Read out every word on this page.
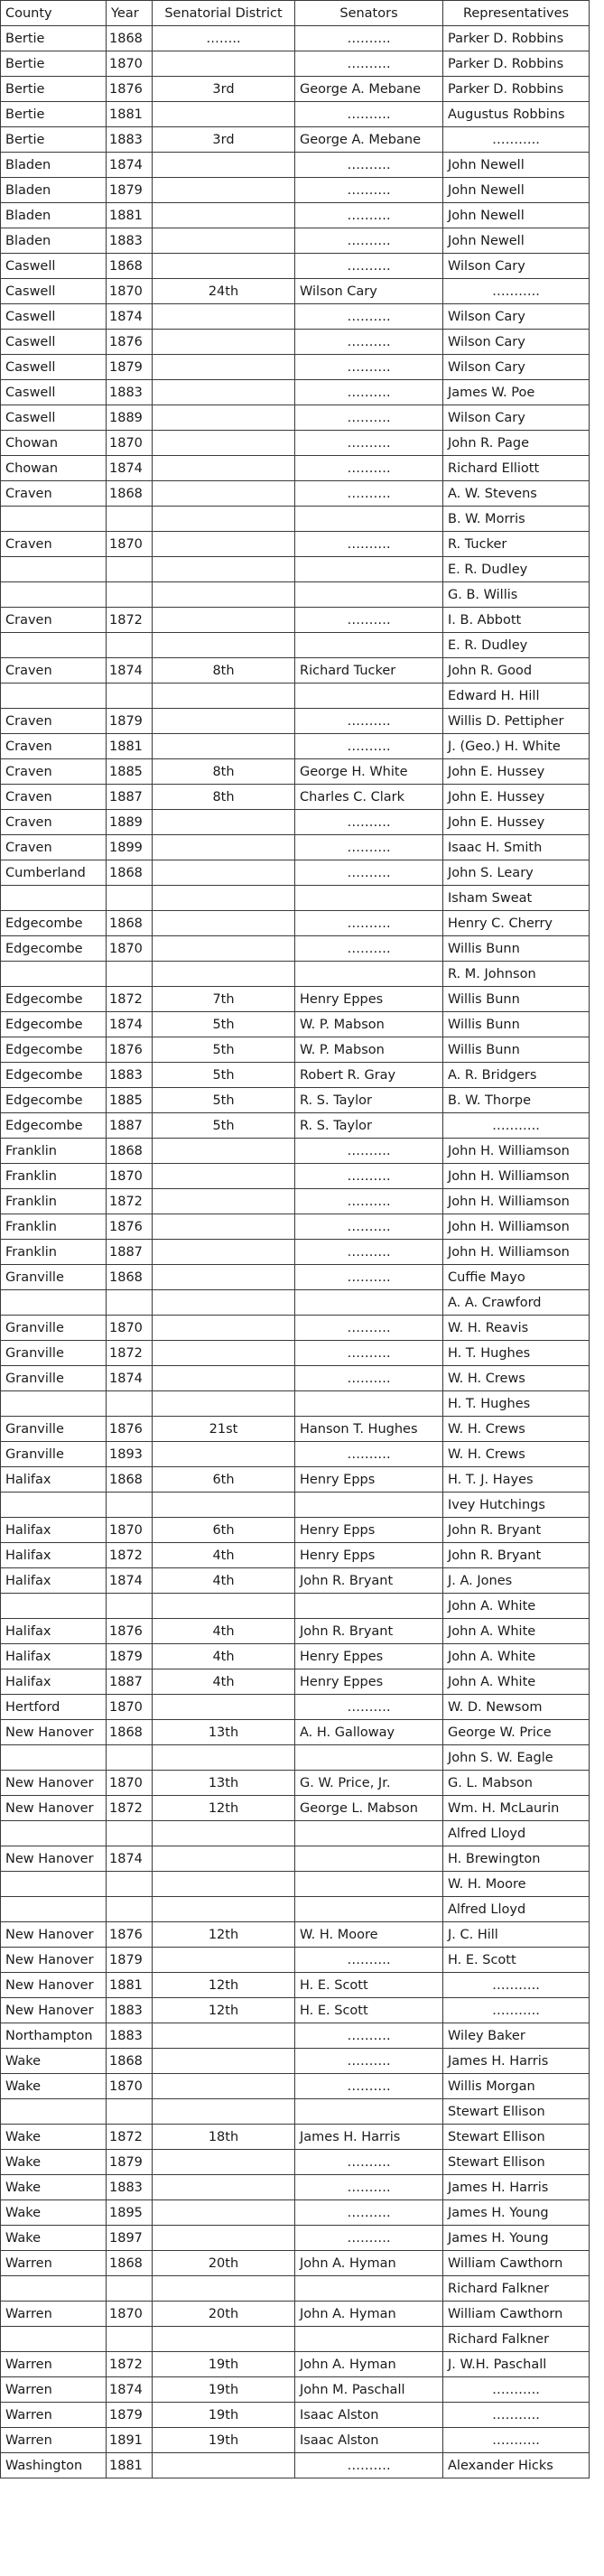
County	Year	Senatorial District	Senators	Representatives
Bertie	1868	……..	……….	Parker D. Robbins
Bertie	1870		……….	Parker D. Robbins
Bertie	1876	3rd	George A. Mebane	Parker D. Robbins
Bertie	1881		……….	Augustus Robbins
Bertie	1883	3rd	George A. Mebane	………..
Bladen	1874		……….	John Newell
Bladen	1879		……….	John Newell
Bladen	1881		……….	John Newell
Bladen	1883		……….	John Newell
Caswell	1868		……….	Wilson Cary
Caswell	1870	24th	Wilson Cary	………..
Caswell	1874		……….	Wilson Cary
Caswell	1876		……….	Wilson Cary
Caswell	1879		……….	Wilson Cary
Caswell	1883		……….	James W. Poe
Caswell	1889		……….	Wilson Cary
Chowan	1870		……….	John R. Page
Chowan	1874		……….	Richard Elliott
Craven	1868		……….	A. W. Stevens
				B. W. Morris
Craven	1870		……….	R. Tucker
				E. R. Dudley
				G. B. Willis
Craven	1872		……….	I. B. Abbott
				E. R. Dudley
Craven	1874	8th	Richard Tucker	John R. Good
				Edward H. Hill
Craven	1879		……….	Willis D. Pettipher
Craven	1881		……….	J. (Geo.) H. White
Craven	1885	8th	George H. White	John E. Hussey
Craven	1887	8th	Charles C. Clark	John E. Hussey
Craven	1889		……….	John E. Hussey
Craven	1899		……….	Isaac H. Smith
Cumberland	1868		……….	John S. Leary
				Isham Sweat
Edgecombe	1868		……….	Henry C. Cherry
Edgecombe	1870		……….	Willis Bunn
				R. M. Johnson
Edgecombe	1872	7th	Henry Eppes	Willis Bunn
Edgecombe	1874	5th	W. P. Mabson	Willis Bunn
Edgecombe	1876	5th	W. P. Mabson	Willis Bunn
Edgecombe	1883	5th	Robert R. Gray	A. R. Bridgers
Edgecombe	1885	5th	R. S. Taylor	B. W. Thorpe
Edgecombe	1887	5th	R. S. Taylor	………..
Franklin	1868		……….	John H. Williamson
Franklin	1870		……….	John H. Williamson
Franklin	1872		……….	John H. Williamson
Franklin	1876		……….	John H. Williamson
Franklin	1887		……….	John H. Williamson
Granville	1868		……….	Cuffie Mayo
				A. A. Crawford
Granville	1870		……….	W. H. Reavis
Granville	1872		……….	H. T. Hughes
Granville	1874		……….	W. H. Crews
				H. T. Hughes
Granville	1876	21st	Hanson T. Hughes	W. H. Crews
Granville	1893		……….	W. H. Crews
Halifax	1868	6th	Henry Epps	H. T. J. Hayes
				Ivey Hutchings
Halifax	1870	6th	Henry Epps	John R. Bryant
Halifax	1872	4th	Henry Epps	John R. Bryant
Halifax	1874	4th	John R. Bryant	J. A. Jones
				John A. White
Halifax	1876	4th	John R. Bryant	John A. White
Halifax	1879	4th	Henry Eppes	John A. White
Halifax	1887	4th	Henry Eppes	John A. White
Hertford	1870		……….	W. D. Newsom
New Hanover	1868	13th	A. H. Galloway	George W. Price
				John S. W. Eagle
New Hanover	1870	13th	G. W. Price, Jr.	G. L. Mabson
New Hanover	1872	12th	George L. Mabson	Wm. H. McLaurin
				Alfred Lloyd
New Hanover	1874			H. Brewington
				W. H. Moore
				Alfred Lloyd
New Hanover	1876	12th	W. H. Moore	J. C. Hill
New Hanover	1879		……….	H. E. Scott
New Hanover	1881	12th	H. E. Scott	………..
New Hanover	1883	12th	H. E. Scott	………..
Northampton	1883		……….	Wiley Baker
Wake	1868		……….	James H. Harris
Wake	1870		……….	Willis Morgan
				Stewart Ellison
Wake	1872	18th	James H. Harris	Stewart Ellison
Wake	1879		……….	Stewart Ellison
Wake	1883		……….	James H. Harris
Wake	1895		……….	James H. Young
Wake	1897		……….	James H. Young
Warren	1868	20th	John A. Hyman	William Cawthorn
				Richard Falkner
Warren	1870	20th	John A. Hyman	William Cawthorn
				Richard Falkner
Warren	1872	19th	John A. Hyman	J. W.H. Paschall
Warren	1874	19th	John M. Paschall	………..
Warren	1879	19th	Isaac Alston	………..
Warren	1891	19th	Isaac Alston	………..
Washington	1881		……….	Alexander Hicks
